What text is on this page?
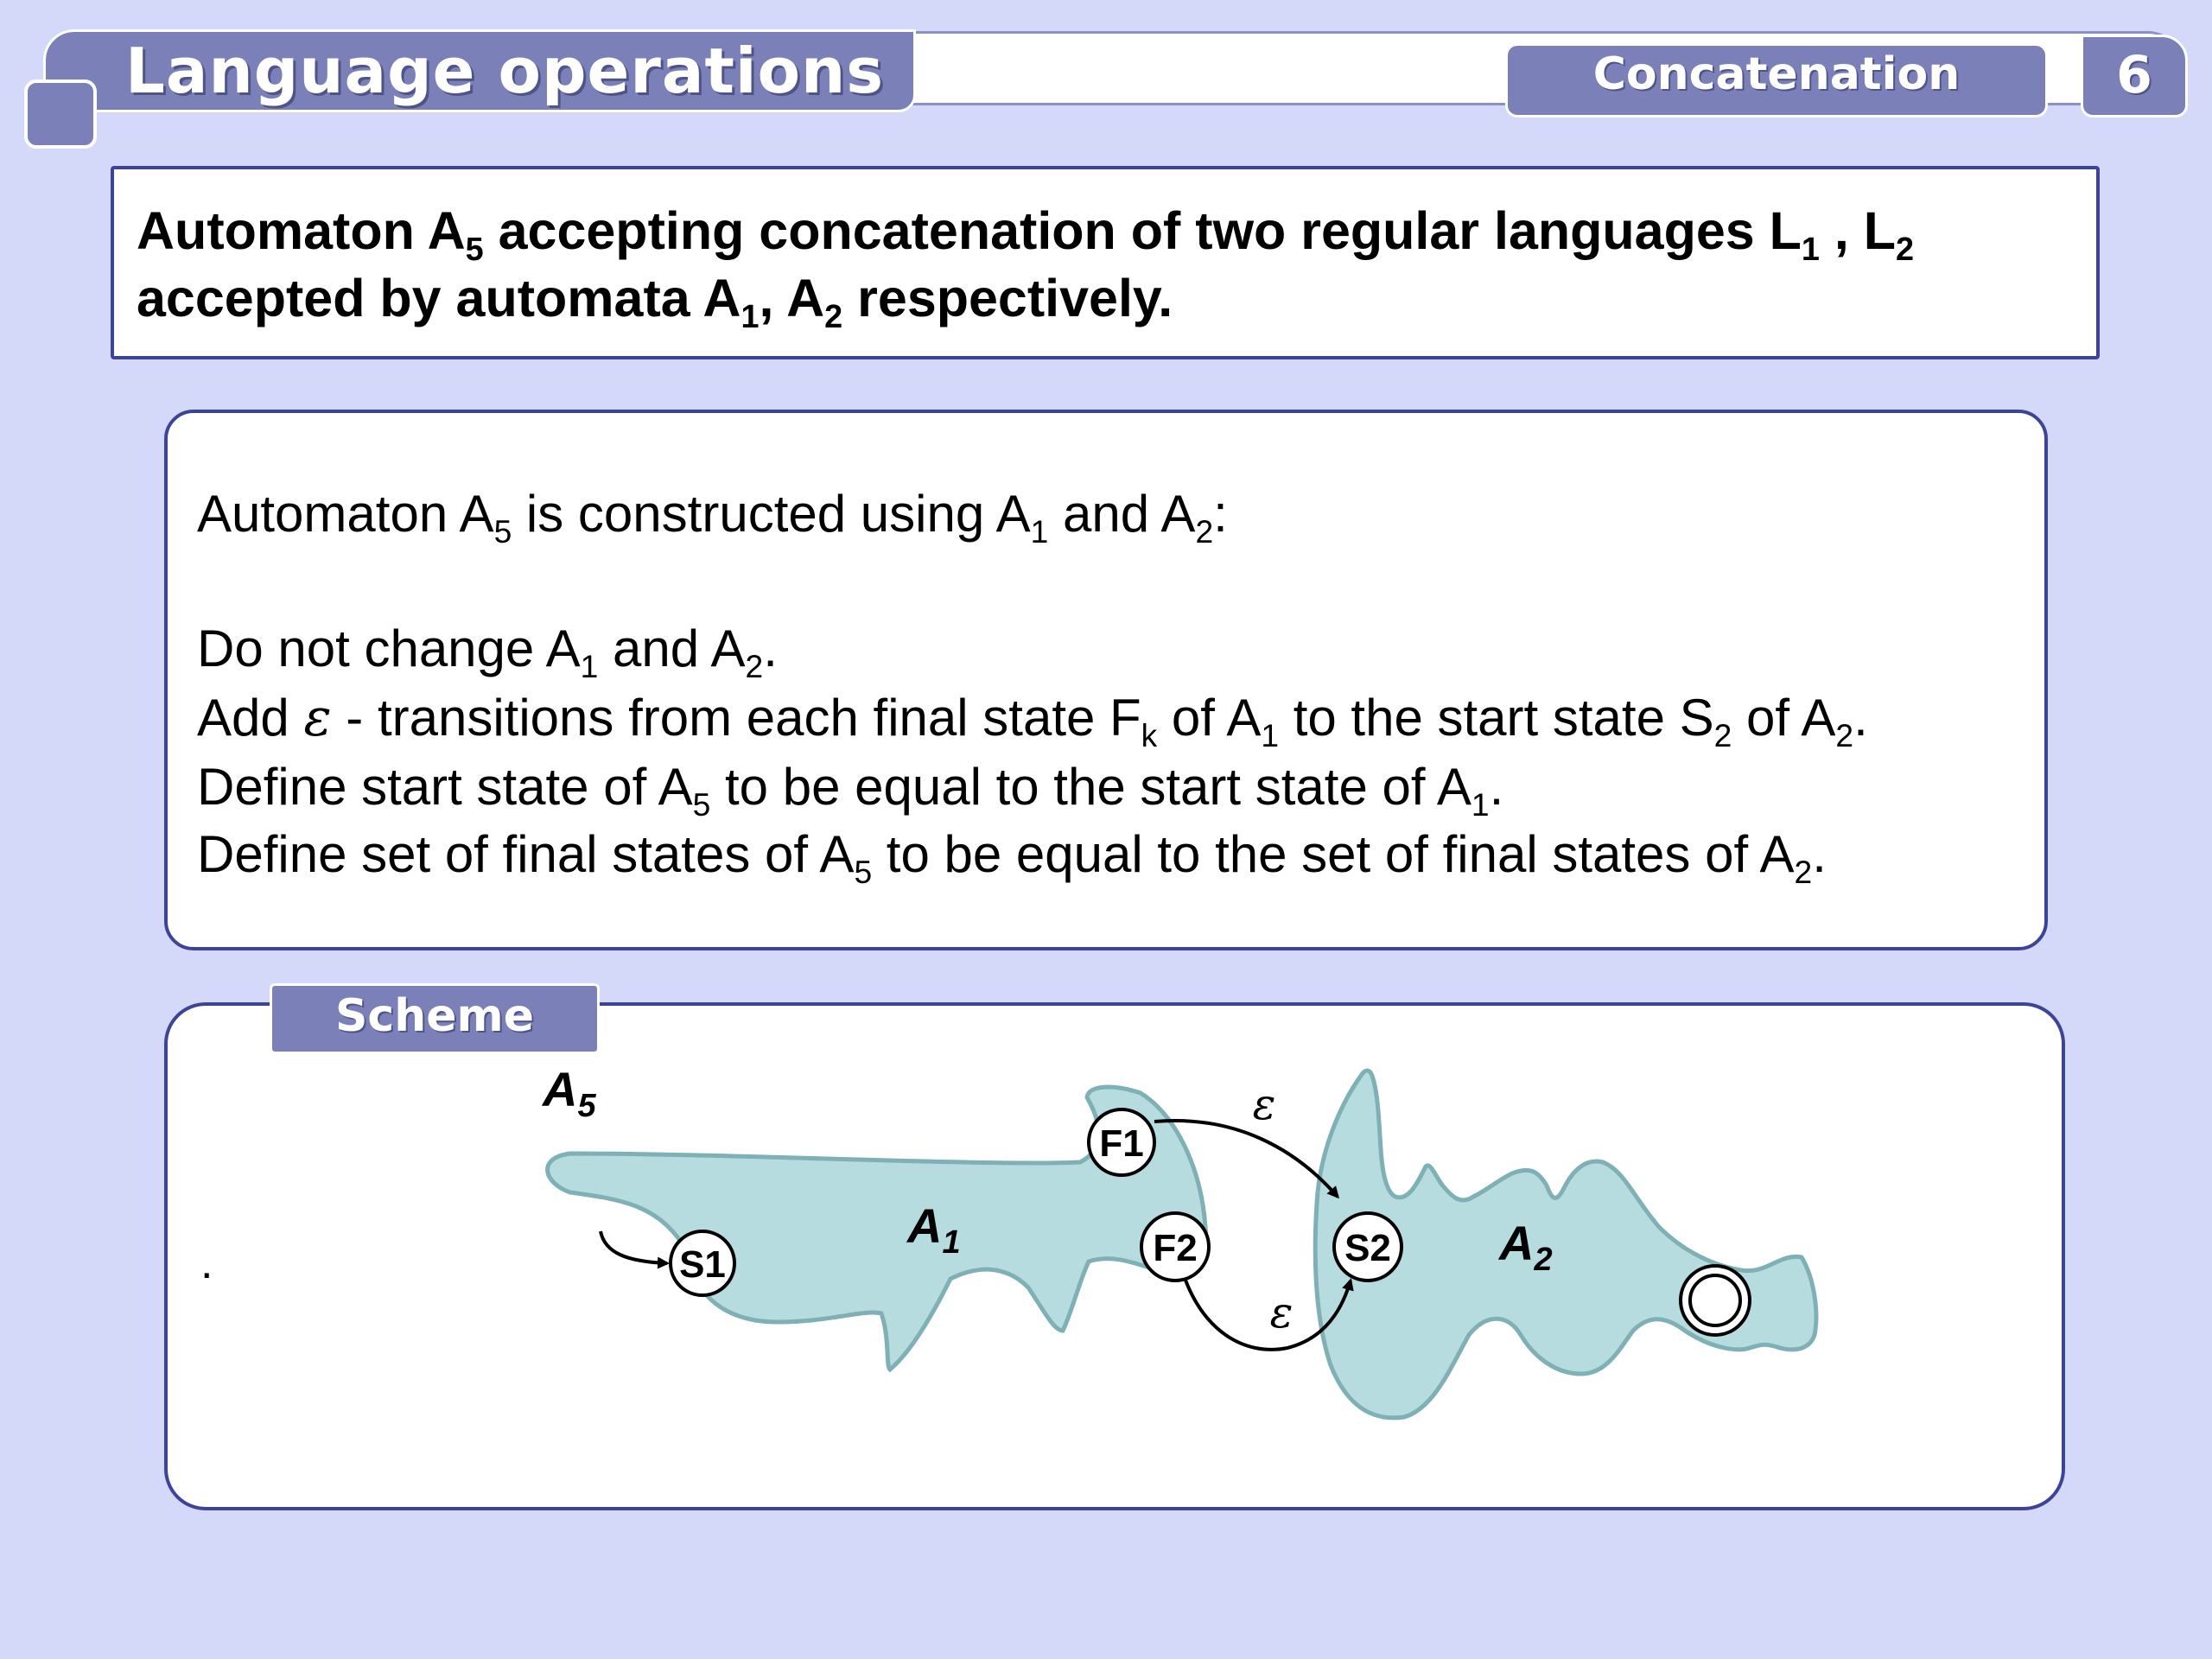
Language operations	Concatenation	6
Automaton $A_5$ accepting concatenation of two regular languages $L_1$ , $L_2$
accepted by automata $A_1$, $A_2$ respectively.
Automaton $A_5$ is constructed using $A_1$ and $A_2$:
Do not change $A_1$ and $A_2$.
Add ε - transitions from each final state $F_k$ of $A_1$ to the start state $S_2$ of $A_2$.
Define start state of $A_5$ to be equal to the start state of $A_1$.
Define set of final states of $A_5$ to be equal to the set of final states of $A_2$.
Scheme
.	S1
F1
F2	S2
ε
ε
$A_5$
$A_1$	$A_2$
